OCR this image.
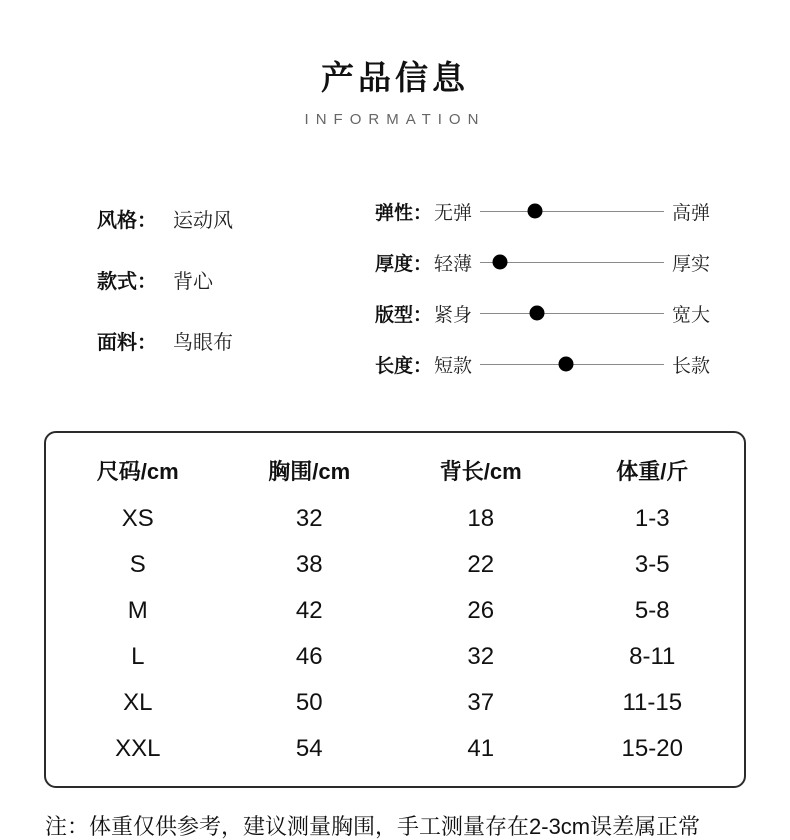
产品信息
INFORMATION
风格： 运动风
款式： 背心
面料： 鸟眼布
弹性： 无弹	高弹
厚度： 轻薄	厚实
版型： 紧身	宽大
长度： 短款	长款
尺码/cm	胸围/cm	背长/cm	体重/斤
XS	32	18	1-3
S	38	22	3-5
M	42	26	5-8
L	46	32	8-11
XL	50	37	11-15
XXL	54	41	15-20
注：体重仅供参考，建议测量胸围，手工测量存在2-3cm误差属正常
